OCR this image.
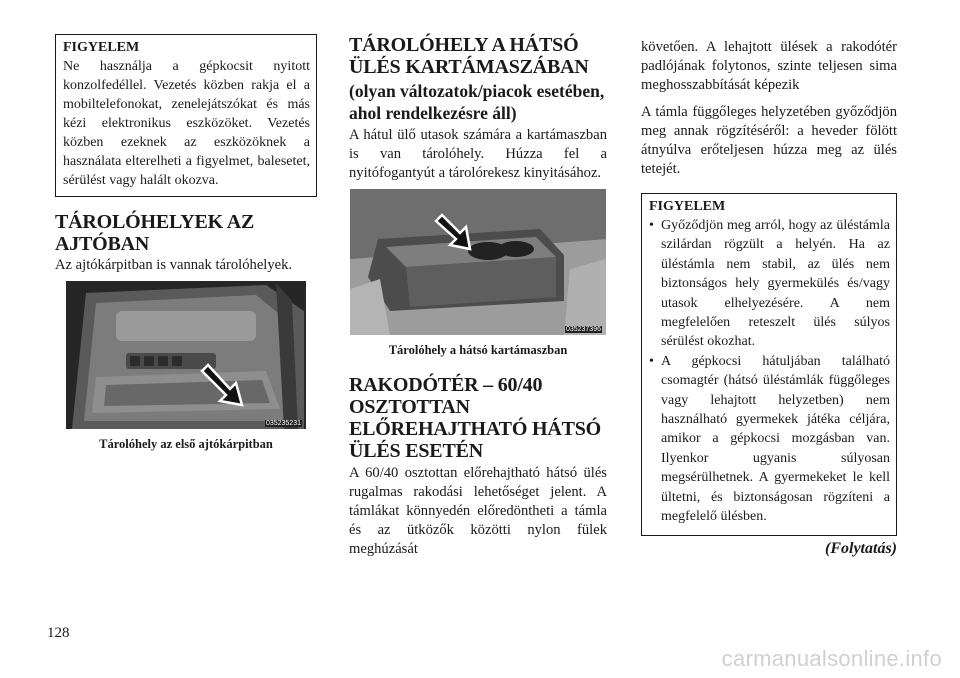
FIGYELEM

Ne használja a gépkocsit nyitott konzolfedéllel. Vezetés közben rakja el a mobiltelefonokat, zenelejátszókat és más kézi elektronikus eszközöket. Vezetés közben ezeknek az eszközöknek a használata elterelheti a figyelmet, balesetet, sérülést vagy halált okozva.

TÁROLÓHELYEK AZ AJTÓBAN

Az ajtókárpitban is vannak tárolóhelyek.

035235231
Tárolóhely az első ajtókárpitban
TÁROLÓHELY A HÁTSÓ ÜLÉS KARTÁMASZÁBAN
(olyan változatok/piacok esetében, ahol rendelkezésre áll)

A hátul ülő utasok számára a kartámaszban is van tárolóhely. Húzza fel a nyitófogantyút a tárolórekesz kinyitásához.

035237396
Tárolóhely a hátsó kartámaszban
RAKODÓTÉR – 60/40 OSZTOTTAN ELŐREHAJTHATÓ HÁTSÓ ÜLÉS ESETÉN

A 60/40 osztottan előrehajtható hátsó ülés rugalmas rakodási lehetőséget jelent. A támlákat könnyedén előredöntheti a támla és az ütközők közötti nylon fülek meghúzását

követően. A lehajtott ülések a rakodótér padlójának folytonos, szinte teljesen sima meghosszabbítását képezik

A támla függőleges helyzetében győződjön meg annak rögzítéséről: a heveder fölött átnyúlva erőteljesen húzza meg az ülés tetejét.

FIGYELEM
• Győződjön meg arról, hogy az üléstámla szilárdan rögzült a helyén. Ha az üléstámla nem stabil, az ülés nem biztonságos hely gyermekülés és/vagy utasok elhelyezésére. A nem megfelelően reteszelt ülés súlyos sérülést okozhat.
• A gépkocsi hátuljában található csomagtér (hátsó üléstámlák függőleges vagy lehajtott helyzetben) nem használható gyermekek játéka céljára, amikor a gépkocsi mozgásban van. Ilyenkor ugyanis súlyosan megsérülhetnek. A gyermekeket le kell ültetni, és biztonságosan rögzíteni a megfelelő ülésben.
(Folytatás)
128
carmanualsonline.info
